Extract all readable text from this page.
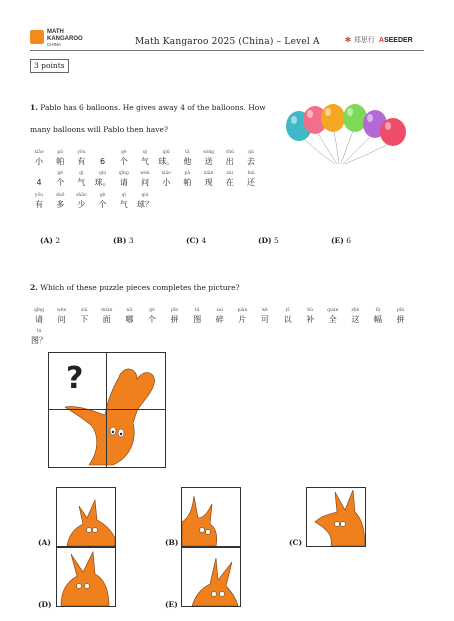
MATH
KANGAROO
CHINA	Math Kangaroo 2025 (China) – Level A	✻ 郑思行 ASEEDER
3 points
1. Pablo has 6 balloons. He gives away 4 of the balloons. How
many balloons will Pablo then have?
xiǎo
小
pà
帕
yǒu
有
	6
gè
个
qì
气
qiú
球。
tā
他
sòng
送
chū
出
qù
去

4
gè
个
qì
气
qiú
球。
qǐng
请
wèn
问
xiǎo
小
pà
帕
xiàn
现
zài
在
hái
还
yǒu
有
duō
多
shǎo
少
gè
个
qì
气
qiú
球？
(A) 2	(B) 3	(C) 4	(D) 5	(E) 6
2. Which of these puzzle pieces completes the picture?
qǐng
请
wèn
问
xià
下
miàn
面
nǎ
哪
gè
个
pīn
拼
tú
图
suì
碎
piàn
片
kě
可
yǐ
以
bǔ
补
quán
全
zhè
这
fú
幅
pīn
拼
tú
图？
?
(A)	(B)	(C)
(D)	(E)
